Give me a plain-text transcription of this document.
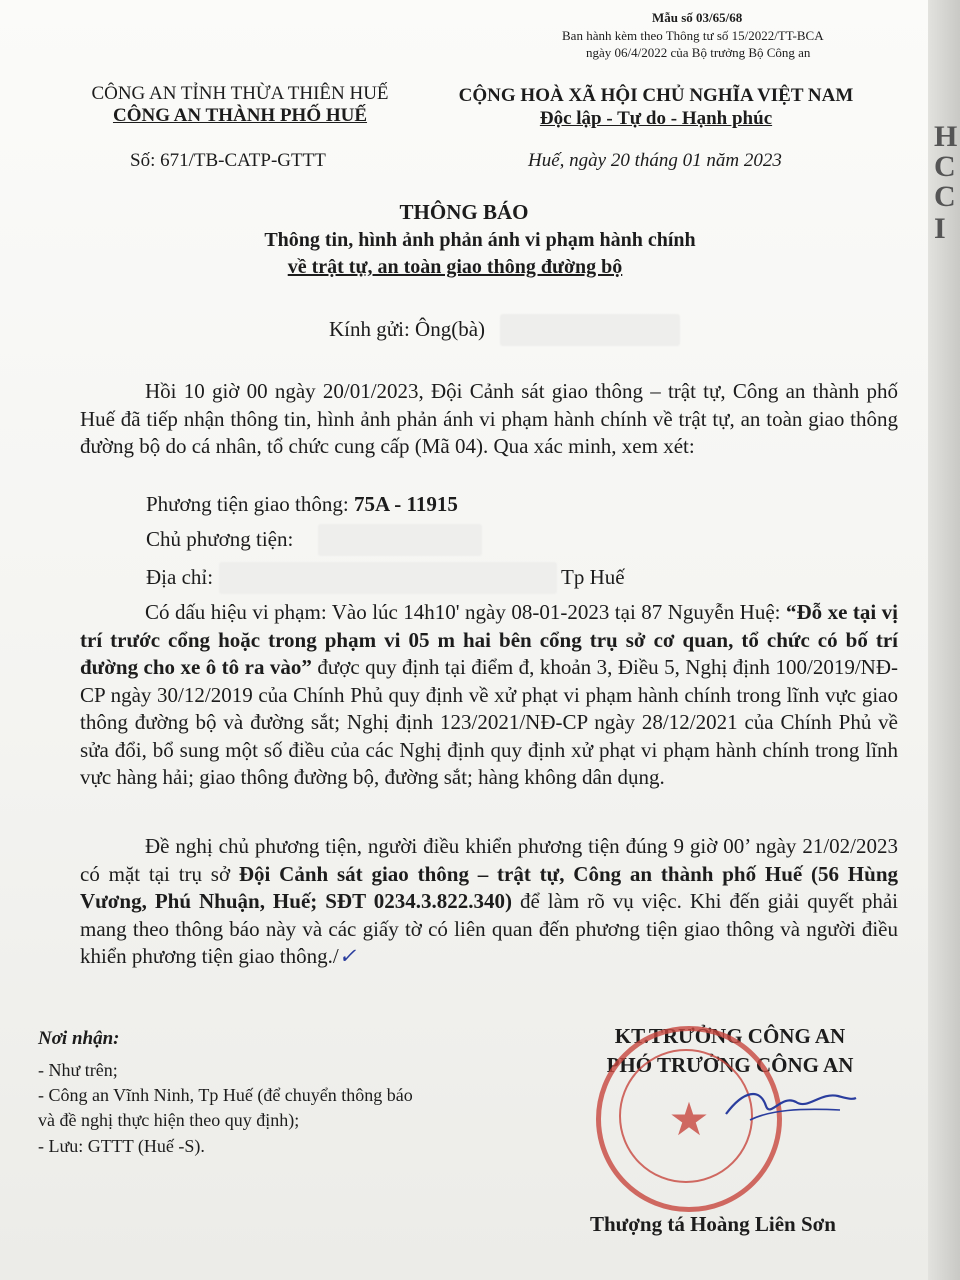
Mẫu số 03/65/68
Ban hành kèm theo Thông tư số 15/2022/TT-BCA
ngày 06/4/2022 của Bộ trưởng Bộ Công an
CÔNG AN TỈNH THỪA THIÊN HUẾ
CÔNG AN THÀNH PHỐ HUẾ
Số: 671/TB-CATP-GTTT
CỘNG HOÀ XÃ HỘI CHỦ NGHĨA VIỆT NAM
Độc lập - Tự do - Hạnh phúc
Huế, ngày 20 tháng 01 năm 2023
THÔNG BÁO
Thông tin, hình ảnh phản ánh vi phạm hành chính
về trật tự, an toàn giao thông đường bộ
Kính gửi: Ông(bà)
Hồi 10 giờ 00 ngày 20/01/2023, Đội Cảnh sát giao thông – trật tự, Công an thành phố Huế đã tiếp nhận thông tin, hình ảnh phản ánh vi phạm hành chính về trật tự, an toàn giao thông đường bộ do cá nhân, tổ chức cung cấp (Mã 04). Qua xác minh, xem xét:
Phương tiện giao thông: 75A - 11915
Chủ phương tiện:
Địa chỉ:	Tp Huế
Có dấu hiệu vi phạm: Vào lúc 14h10' ngày 08-01-2023 tại 87 Nguyễn Huệ: “Đỗ xe tại vị trí trước cổng hoặc trong phạm vi 05 m hai bên cổng trụ sở cơ quan, tổ chức có bố trí đường cho xe ô tô ra vào” được quy định tại điểm đ, khoản 3, Điều 5, Nghị định 100/2019/NĐ-CP ngày 30/12/2019 của Chính Phủ quy định về xử phạt vi phạm hành chính trong lĩnh vực giao thông đường bộ và đường sắt; Nghị định 123/2021/NĐ-CP ngày 28/12/2021 của Chính Phủ về sửa đổi, bổ sung một số điều của các Nghị định quy định xử phạt vi phạm hành chính trong lĩnh vực hàng hải; giao thông đường bộ, đường sắt; hàng không dân dụng.
Đề nghị chủ phương tiện, người điều khiển phương tiện đúng 9 giờ 00’ ngày 21/02/2023 có mặt tại trụ sở Đội Cảnh sát giao thông – trật tự, Công an thành phố Huế (56 Hùng Vương, Phú Nhuận, Huế; SĐT 0234.3.822.340) để làm rõ vụ việc. Khi đến giải quyết phải mang theo thông báo này và các giấy tờ có liên quan đến phương tiện giao thông và người điều khiển phương tiện giao thông./✓
Nơi nhận:
- Như trên;
- Công an Vĩnh Ninh, Tp Huế (để chuyển thông báo
và đề nghị thực hiện theo quy định);
- Lưu: GTTT (Huế -S).
KT.TRƯỞNG CÔNG AN
PHÓ TRƯỞNG CÔNG AN
★
Thượng tá Hoàng Liên Sơn
H
C
C
I
